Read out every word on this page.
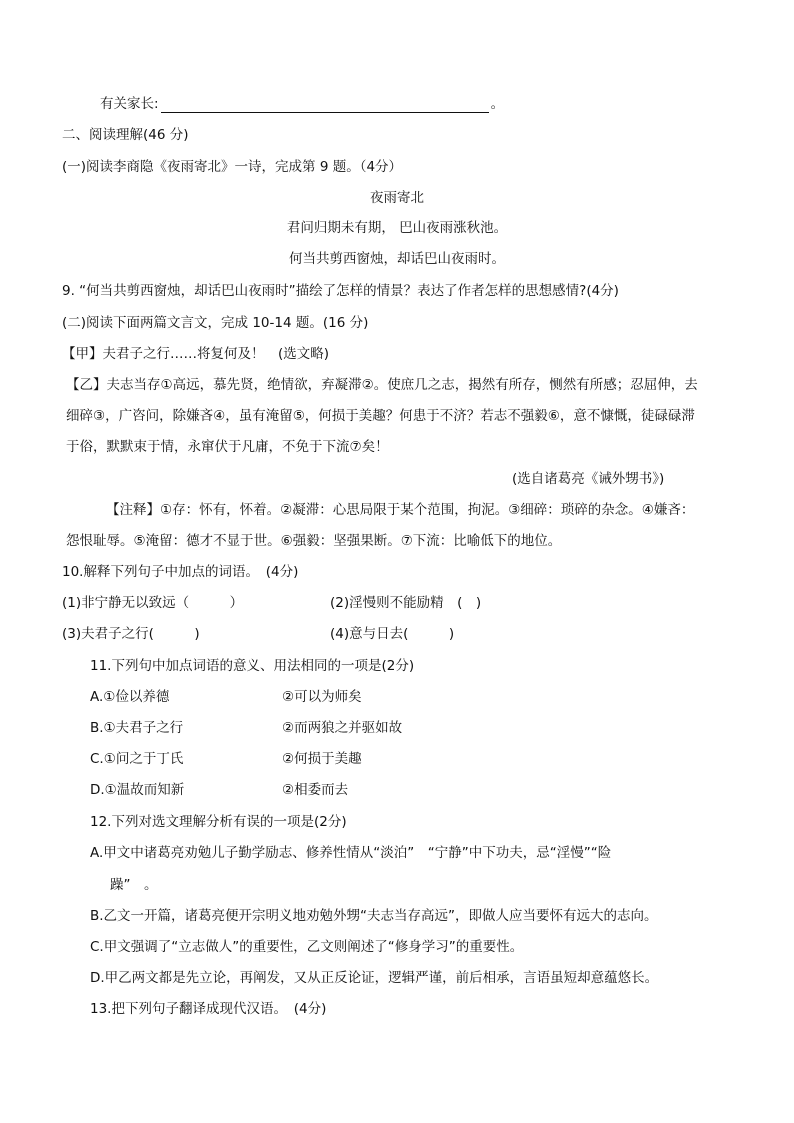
有关家长:	。
二、阅读理解(46 分)
(一)阅读李商隐《夜雨寄北》一诗，完成第 9 题。（4分）
夜雨寄北
君问归期未有期， 巴山夜雨涨秋池。
何当共剪西窗烛，却话巴山夜雨时。
9. “何当共剪西窗烛，却话巴山夜雨时”描绘了怎样的情景？表达了作者怎样的思想感情?(4分)
(二)阅读下面两篇文言文，完成 10-14 题。(16 分)
【甲】夫君子之行……将复何及！　(选文略)
【乙】夫志当存①高远，慕先贤，绝情欲，弃凝滞②。使庶几之志，揭然有所存，恻然有所感；忍屈伸，去
细碎③，广咨问，除嫌吝④，虽有淹留⑤，何损于美趣？何患于不济？若志不强毅⑥，意不慷慨，徒碌碌滞
于俗，默默束于情，永窜伏于凡庸，不免于下流⑦矣！
(选自诸葛亮《诫外甥书》)
【注释】①存：怀有，怀着。②凝滞：心思局限于某个范围，拘泥。③细碎：琐碎的杂念。④嫌吝：
怨恨耻辱。⑤淹留：德才不显于世。⑥强毅：坚强果断。⑦下流：比喻低下的地位。
10.解释下列句子中加点的词语。　(4分)
(1)非宁静无以致远（　　　）	(2)淫慢则不能励精　(　)
(3)夫君子之行(　　　)	(4)意与日去(　　　)
11.下列句中加点词语的意义、用法相同的一项是(2分)
A.①俭以养德	②可以为师矣
B.①夫君子之行	②而两狼之并驱如故
C.①问之于丁氏	②何损于美趣
D.①温故而知新	②相委而去
12.下列对选文理解分析有误的一项是(2分)
A.甲文中诸葛亮劝勉儿子勤学励志、修养性情从“淡泊”　“宁静”中下功夫，忌“淫慢”“险
躁”　。
B.乙文一开篇，诸葛亮便开宗明义地劝勉外甥“夫志当存高远”，即做人应当要怀有远大的志向。
C.甲文强调了“立志做人”的重要性，乙文则阐述了“修身学习”的重要性。
D.甲乙两文都是先立论，再阐发，又从正反论证，逻辑严谨，前后相承，言语虽短却意蕴悠长。
13.把下列句子翻译成现代汉语。　(4分)
